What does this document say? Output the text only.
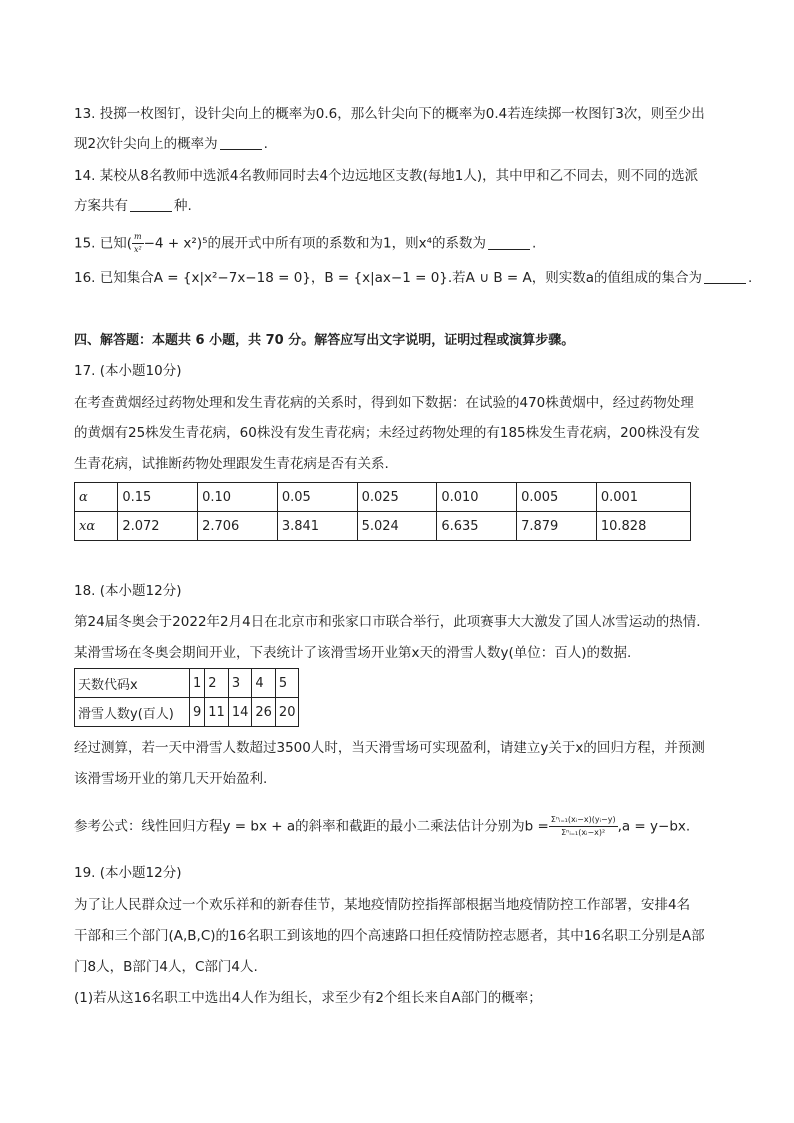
13. 投掷一枚图钉，设针尖向上的概率为0.6，那么针尖向下的概率为0.4若连续掷一枚图钉3次，则至少出
现2次针尖向上的概率为	.
14. 某校从8名教师中选派4名教师同时去4个边远地区支教(每地1人)，其中甲和乙不同去，则不同的选派
方案共有	种.
15. 已知( $\frac{m}{\text{x²}} -4 + x^2)^5$的展开式中所有项的系数和为1，则x⁴的系数为	.
16. 已知集合A = {x|x²−7x−18 = 0}，B = {x|ax−1 = 0}.若A ∪ B = A，则实数a的值组成的集合为	.
四、解答题：本题共 6 小题，共 70 分。解答应写出文字说明，证明过程或演算步骤。
17. (本小题10分)
在考查黄烟经过药物处理和发生青花病的关系时，得到如下数据：在试验的470株黄烟中，经过药物处理
的黄烟有25株发生青花病，60株没有发生青花病；未经过药物处理的有185株发生青花病，200株没有发
生青花病，试推断药物处理跟发生青花病是否有关系.
α	0.15	0.10	0.05	0.025	0.010	0.005	0.001
xα	2.072	2.706	3.841	5.024	6.635	7.879	10.828
18. (本小题12分)
第24届冬奥会于2022年2月4日在北京市和张家口市联合举行，此项赛事大大激发了国人冰雪运动的热情.
某滑雪场在冬奥会期间开业，下表统计了该滑雪场开业第x天的滑雪人数y(单位：百人)的数据.
天数代码x	1	2	3	4	5
滑雪人数y(百人)	9	11	14	26	20
经过测算，若一天中滑雪人数超过3500人时，当天滑雪场可实现盈利，请建立y关于x的回归方程，并预测
该滑雪场开业的第几天开始盈利.
参考公式：线性回归方程y = bx + a的斜率和截距的最小二乘法估计分别为$b = \frac{\text{Σⁿᵢ₌₁(xᵢ−x)(yᵢ−y)}}{\text{Σⁿᵢ₌₁(xᵢ−x)²}} ,a = y-bx$.
19. (本小题12分)
为了让人民群众过一个欢乐祥和的新春佳节，某地疫情防控指挥部根据当地疫情防控工作部署，安排4名
干部和三个部门(A,B,C)的16名职工到该地的四个高速路口担任疫情防控志愿者，其中16名职工分别是A部
门8人，B部门4人，C部门4人.
(1)若从这16名职工中选出4人作为组长，求至少有2个组长来自A部门的概率；
